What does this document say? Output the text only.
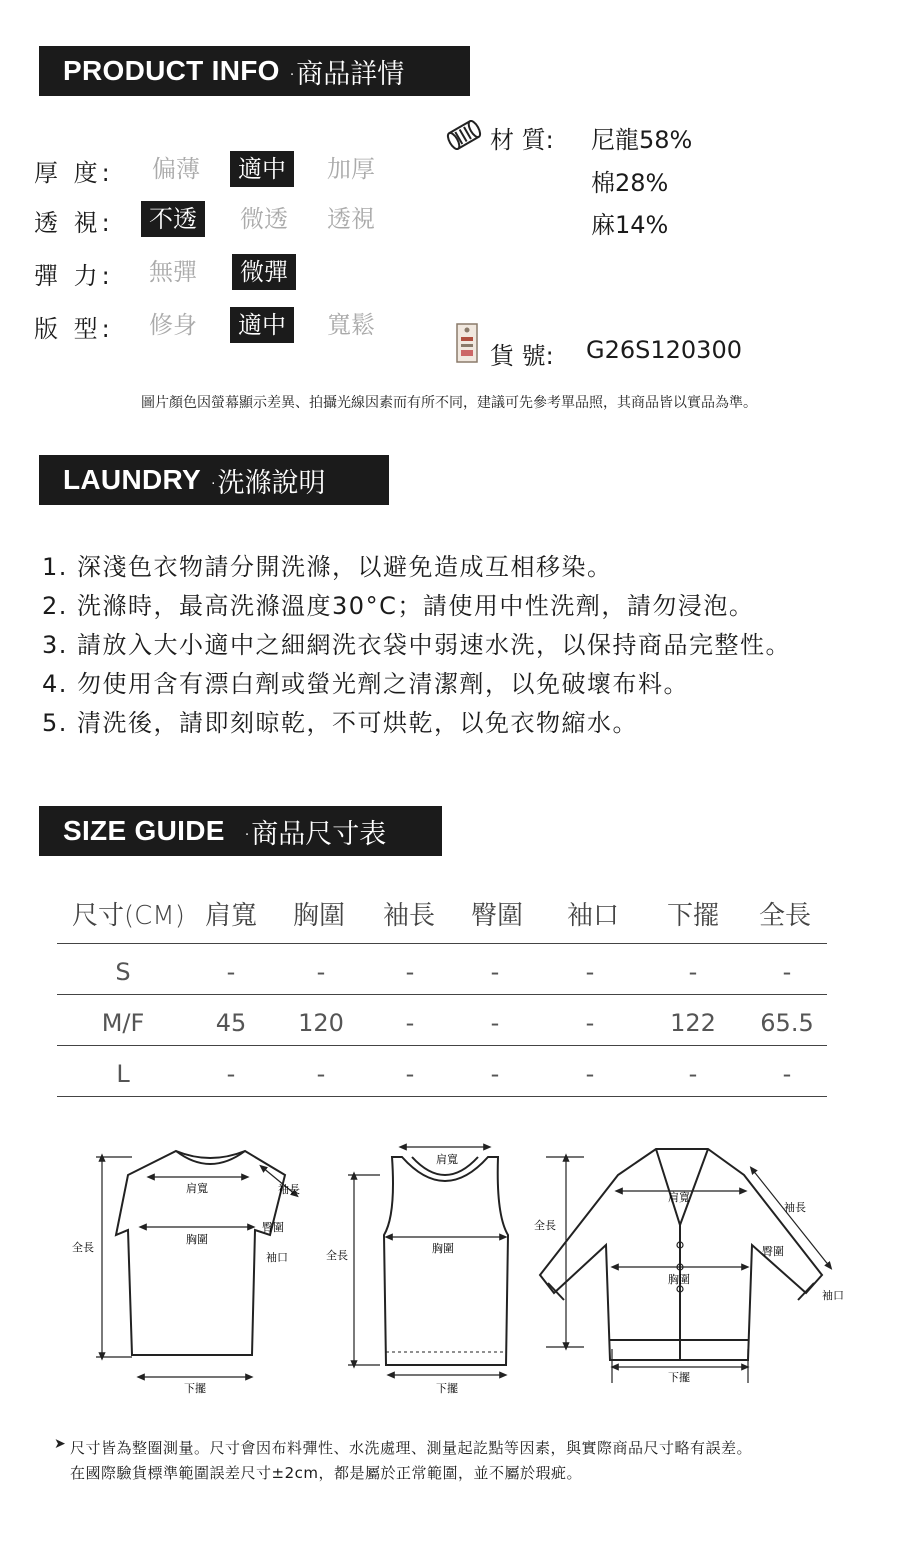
PRODUCT INFO ·商品詳情
厚 度:	偏薄	適中	加厚
透 視:	不透	微透	透視
彈 力:	無彈	微彈
版 型:	修身	適中	寬鬆
材 質: 尼龍58%
棉28%
麻14%
貨 號: G26S120300
圖片顏色因螢幕顯示差異、拍攝光線因素而有所不同，建議可先參考單品照，其商品皆以實品為準。
LAUNDRY ·洗滌說明
1. 深淺色衣物請分開洗滌，以避免造成互相移染。
2. 洗滌時，最高洗滌溫度30°C；請使用中性洗劑，請勿浸泡。
3. 請放入大小適中之細網洗衣袋中弱速水洗，以保持商品完整性。
4. 勿使用含有漂白劑或螢光劑之清潔劑，以免破壞布料。
5. 清洗後，請即刻晾乾，不可烘乾，以免衣物縮水。
SIZE GUIDE ·商品尺寸表
尺寸(CM) 肩寬 胸圍 袖長 臀圍 袖口 下擺 全長
S	-	-	-	-	-	-	-
M/F	45	120	-	-	-	122	65.5
L	-	-	-	-	-	-	-
肩寬
胸圍
全長
下擺
袖長
臀圍
袖口
肩寬
胸圍
全長
下擺
肩寬
胸圍
全長
下擺
袖長
臀圍
袖口
➤ 尺寸皆為整圈測量。尺寸會因布料彈性、水洗處理、測量起訖點等因素，與實際商品尺寸略有誤差。
在國際驗貨標準範圍誤差尺寸±2cm，都是屬於正常範圍，並不屬於瑕疵。
